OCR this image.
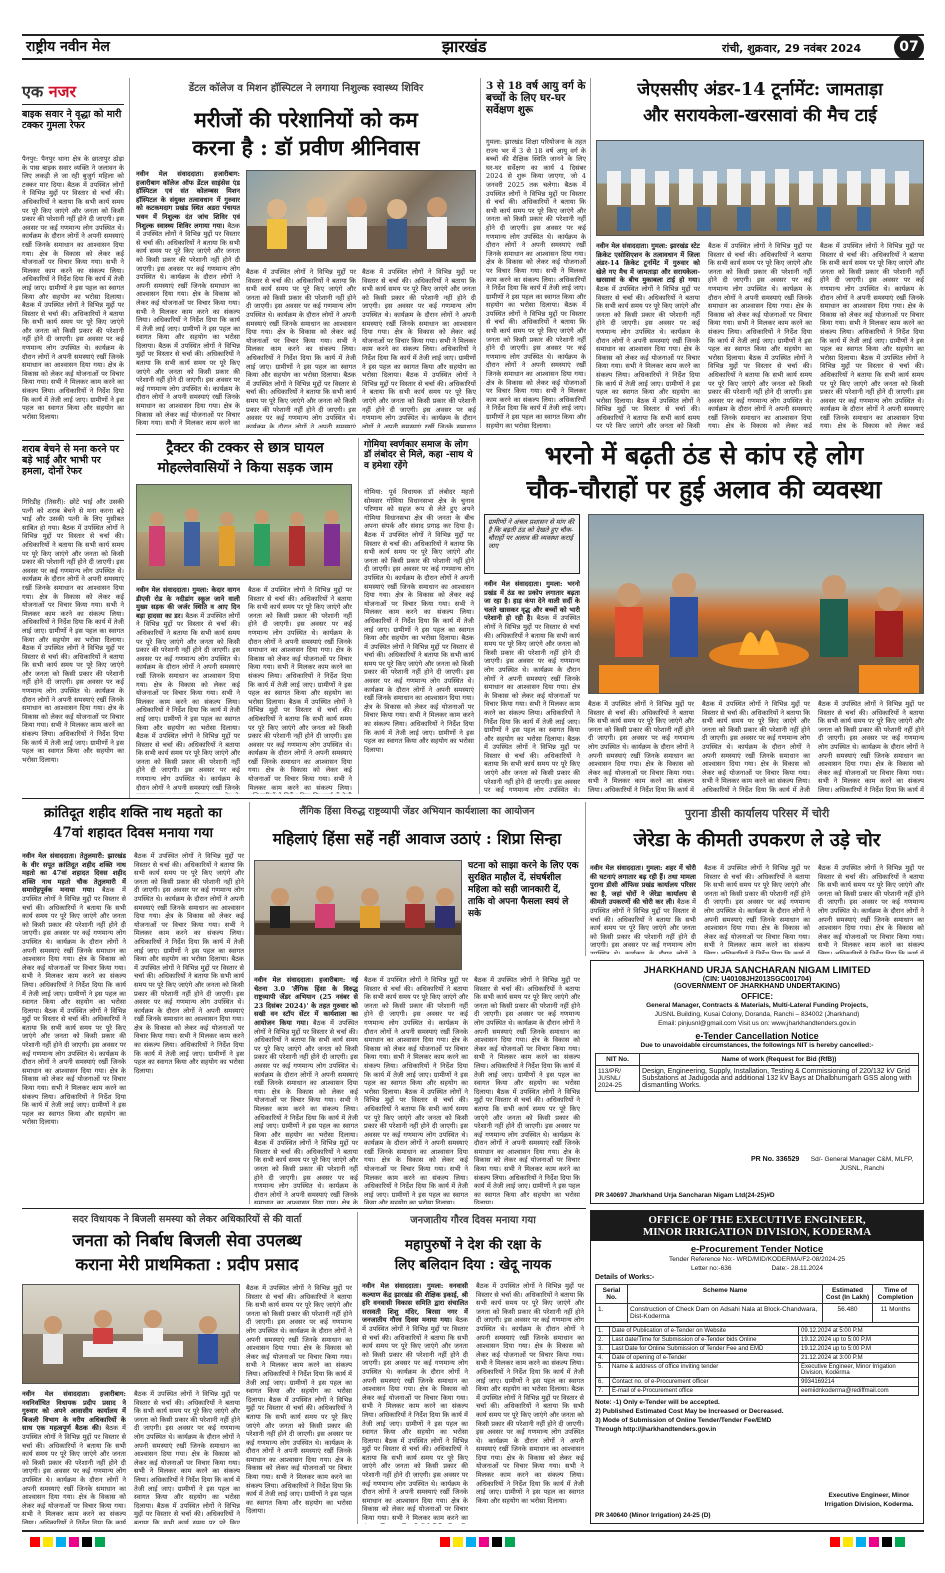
राष्ट्रीय नवीन मेल	झारखंड	रांची, शुक्रवार, 29 नवंबर 2024	07
एक नजर
बाइक सवार ने वृद्धा को मारी टक्कर गुमला रेफर
पैनपुर: पैनपुर थाना क्षेत्र के छातापुर ढोढ़ा के पास बाइक सवार व्यक्ति ने जलावन के लिए लकड़ी ले जा रही बुजुर्ग महिला को टक्कर मार दिया। बैठक में उपस्थित लोगों ने विभिन्न मुद्दों पर विस्तार से चर्चा की। अधिकारियों ने बताया कि सभी कार्य समय पर पूरे किए जाएंगे और जनता को किसी प्रकार की परेशानी नहीं होने दी जाएगी। इस अवसर पर कई गणमान्य लोग उपस्थित थे। कार्यक्रम के दौरान लोगों ने अपनी समस्याएं रखीं जिनके समाधान का आश्वासन दिया गया। क्षेत्र के विकास को लेकर कई योजनाओं पर विचार किया गया। सभी ने मिलकर काम करने का संकल्प लिया। अधिकारियों ने निर्देश दिया कि कार्य में तेजी लाई जाए। ग्रामीणों ने इस पहल का स्वागत किया और सहयोग का भरोसा दिलाया। बैठक में उपस्थित लोगों ने विभिन्न मुद्दों पर विस्तार से चर्चा की। अधिकारियों ने बताया कि सभी कार्य समय पर पूरे किए जाएंगे और जनता को किसी प्रकार की परेशानी नहीं होने दी जाएगी। इस अवसर पर कई गणमान्य लोग उपस्थित थे। कार्यक्रम के दौरान लोगों ने अपनी समस्याएं रखीं जिनके समाधान का आश्वासन दिया गया। क्षेत्र के विकास को लेकर कई योजनाओं पर विचार किया गया। सभी ने मिलकर काम करने का संकल्प लिया। अधिकारियों ने निर्देश दिया कि कार्य में तेजी लाई जाए। ग्रामीणों ने इस पहल का स्वागत किया और सहयोग का भरोसा दिलाया।
शराब बेचने से मना करने पर बड़े भाई और भाभी पर हमला, दोनों रेफर
गिरिडीह (तिसरी): छोटे भाई और उसकी पत्नी को शराब बेचने से मना करना बड़े भाई और उसकी पत्नी के लिए मुसीबत साबित हो गया। बैठक में उपस्थित लोगों ने विभिन्न मुद्दों पर विस्तार से चर्चा की। अधिकारियों ने बताया कि सभी कार्य समय पर पूरे किए जाएंगे और जनता को किसी प्रकार की परेशानी नहीं होने दी जाएगी। इस अवसर पर कई गणमान्य लोग उपस्थित थे। कार्यक्रम के दौरान लोगों ने अपनी समस्याएं रखीं जिनके समाधान का आश्वासन दिया गया। क्षेत्र के विकास को लेकर कई योजनाओं पर विचार किया गया। सभी ने मिलकर काम करने का संकल्प लिया। अधिकारियों ने निर्देश दिया कि कार्य में तेजी लाई जाए। ग्रामीणों ने इस पहल का स्वागत किया और सहयोग का भरोसा दिलाया। बैठक में उपस्थित लोगों ने विभिन्न मुद्दों पर विस्तार से चर्चा की। अधिकारियों ने बताया कि सभी कार्य समय पर पूरे किए जाएंगे और जनता को किसी प्रकार की परेशानी नहीं होने दी जाएगी। इस अवसर पर कई गणमान्य लोग उपस्थित थे। कार्यक्रम के दौरान लोगों ने अपनी समस्याएं रखीं जिनके समाधान का आश्वासन दिया गया। क्षेत्र के विकास को लेकर कई योजनाओं पर विचार किया गया। सभी ने मिलकर काम करने का संकल्प लिया। अधिकारियों ने निर्देश दिया कि कार्य में तेजी लाई जाए। ग्रामीणों ने इस पहल का स्वागत किया और सहयोग का भरोसा दिलाया।
डेंटल कॉलेज व मिशन हॉस्पिटल ने लगाया निशुल्क स्वास्थ्य शिविर
मरीजों की परेशानियों को कम
करना है : डॉ प्रवीण श्रीनिवास
नवीन मेल संवाददाता। हजारीबाग: हजारीबाग कॉलेज ऑफ डेंटल साइंसेस एंड हॉस्पिटल एवं संत कोलम्बस मिशन हॉस्पिटल के संयुक्त तत्वावधान में गुरुवार को कटकमदाग प्रखंड स्थित अडरा पंचायत भवन में निशुल्क दंत जांच शिविर एवं निशुल्क स्वास्थ्य शिविर लगाया गया। बैठक में उपस्थित लोगों ने विभिन्न मुद्दों पर विस्तार से चर्चा की। अधिकारियों ने बताया कि सभी कार्य समय पर पूरे किए जाएंगे और जनता को किसी प्रकार की परेशानी नहीं होने दी जाएगी। इस अवसर पर कई गणमान्य लोग उपस्थित थे। कार्यक्रम के दौरान लोगों ने अपनी समस्याएं रखीं जिनके समाधान का आश्वासन दिया गया। क्षेत्र के विकास को लेकर कई योजनाओं पर विचार किया गया। सभी ने मिलकर काम करने का संकल्प लिया। अधिकारियों ने निर्देश दिया कि कार्य में तेजी लाई जाए। ग्रामीणों ने इस पहल का स्वागत किया और सहयोग का भरोसा दिलाया। बैठक में उपस्थित लोगों ने विभिन्न मुद्दों पर विस्तार से चर्चा की। अधिकारियों ने बताया कि सभी कार्य समय पर पूरे किए जाएंगे और जनता को किसी प्रकार की परेशानी नहीं होने दी जाएगी। इस अवसर पर कई गणमान्य लोग उपस्थित थे। कार्यक्रम के दौरान लोगों ने अपनी समस्याएं रखीं जिनके समाधान का आश्वासन दिया गया। क्षेत्र के विकास को लेकर कई योजनाओं पर विचार किया गया। सभी ने मिलकर काम करने का संकल्प लिया। अधिकारियों ने निर्देश दिया कि कार्य में तेजी लाई जाए। ग्रामीणों ने इस पहल का स्वागत किया और सहयोग का भरोसा दिलाया।
बैठक में उपस्थित लोगों ने विभिन्न मुद्दों पर विस्तार से चर्चा की। अधिकारियों ने बताया कि सभी कार्य समय पर पूरे किए जाएंगे और जनता को किसी प्रकार की परेशानी नहीं होने दी जाएगी। इस अवसर पर कई गणमान्य लोग उपस्थित थे। कार्यक्रम के दौरान लोगों ने अपनी समस्याएं रखीं जिनके समाधान का आश्वासन दिया गया। क्षेत्र के विकास को लेकर कई योजनाओं पर विचार किया गया। सभी ने मिलकर काम करने का संकल्प लिया। अधिकारियों ने निर्देश दिया कि कार्य में तेजी लाई जाए। ग्रामीणों ने इस पहल का स्वागत किया और सहयोग का भरोसा दिलाया। बैठक में उपस्थित लोगों ने विभिन्न मुद्दों पर विस्तार से चर्चा की। अधिकारियों ने बताया कि सभी कार्य समय पर पूरे किए जाएंगे और जनता को किसी प्रकार की परेशानी नहीं होने दी जाएगी। इस अवसर पर कई गणमान्य लोग उपस्थित थे। कार्यक्रम के दौरान लोगों ने अपनी समस्याएं रखीं जिनके समाधान का आश्वासन दिया गया। क्षेत्र के विकास को लेकर कई योजनाओं पर विचार किया गया। सभी ने मिलकर काम करने का संकल्प लिया। अधिकारियों ने निर्देश दिया कि कार्य में तेजी लाई जाए। ग्रामीणों ने इस पहल का स्वागत किया और सहयोग का भरोसा दिलाया।
बैठक में उपस्थित लोगों ने विभिन्न मुद्दों पर विस्तार से चर्चा की। अधिकारियों ने बताया कि सभी कार्य समय पर पूरे किए जाएंगे और जनता को किसी प्रकार की परेशानी नहीं होने दी जाएगी। इस अवसर पर कई गणमान्य लोग उपस्थित थे। कार्यक्रम के दौरान लोगों ने अपनी समस्याएं रखीं जिनके समाधान का आश्वासन दिया गया। क्षेत्र के विकास को लेकर कई योजनाओं पर विचार किया गया। सभी ने मिलकर काम करने का संकल्प लिया। अधिकारियों ने निर्देश दिया कि कार्य में तेजी लाई जाए। ग्रामीणों ने इस पहल का स्वागत किया और सहयोग का भरोसा दिलाया। बैठक में उपस्थित लोगों ने विभिन्न मुद्दों पर विस्तार से चर्चा की। अधिकारियों ने बताया कि सभी कार्य समय पर पूरे किए जाएंगे और जनता को किसी प्रकार की परेशानी नहीं होने दी जाएगी। इस अवसर पर कई गणमान्य लोग उपस्थित थे। कार्यक्रम के दौरान लोगों ने अपनी समस्याएं रखीं जिनके समाधान का आश्वासन दिया गया। क्षेत्र के विकास को लेकर कई योजनाओं पर विचार किया गया। सभी ने मिलकर काम करने का संकल्प लिया। अधिकारियों ने निर्देश दिया कि कार्य में तेजी लाई जाए। ग्रामीणों ने इस पहल का स्वागत किया और सहयोग का भरोसा दिलाया।
3 से 18 वर्ष आयु वर्ग के बच्चों के लिए घर-घर सर्वेक्षण शुरू
गुमला: झारखंड शिक्षा परियोजना के तहत राज्य भर में 3 से 18 वर्ष आयु वर्ग के बच्चों की शैक्षिक स्थिति जानने के लिए घर-घर सर्वेक्षण का कार्य 4 दिसंबर 2024 से शुरू किया जाएगा, जो 4 जनवरी 2025 तक चलेगा। बैठक में उपस्थित लोगों ने विभिन्न मुद्दों पर विस्तार से चर्चा की। अधिकारियों ने बताया कि सभी कार्य समय पर पूरे किए जाएंगे और जनता को किसी प्रकार की परेशानी नहीं होने दी जाएगी। इस अवसर पर कई गणमान्य लोग उपस्थित थे। कार्यक्रम के दौरान लोगों ने अपनी समस्याएं रखीं जिनके समाधान का आश्वासन दिया गया। क्षेत्र के विकास को लेकर कई योजनाओं पर विचार किया गया। सभी ने मिलकर काम करने का संकल्प लिया। अधिकारियों ने निर्देश दिया कि कार्य में तेजी लाई जाए। ग्रामीणों ने इस पहल का स्वागत किया और सहयोग का भरोसा दिलाया। बैठक में उपस्थित लोगों ने विभिन्न मुद्दों पर विस्तार से चर्चा की। अधिकारियों ने बताया कि सभी कार्य समय पर पूरे किए जाएंगे और जनता को किसी प्रकार की परेशानी नहीं होने दी जाएगी। इस अवसर पर कई गणमान्य लोग उपस्थित थे। कार्यक्रम के दौरान लोगों ने अपनी समस्याएं रखीं जिनके समाधान का आश्वासन दिया गया। क्षेत्र के विकास को लेकर कई योजनाओं पर विचार किया गया। सभी ने मिलकर काम करने का संकल्प लिया। अधिकारियों ने निर्देश दिया कि कार्य में तेजी लाई जाए। ग्रामीणों ने इस पहल का स्वागत किया और सहयोग का भरोसा दिलाया।
जेएससीए अंडर-14 टूर्नामेंट: जामताड़ा
और सरायकेला-खरसावां की मैच टाई
नवीन मेल संवाददाता। गुमला: झारखंड स्टेट क्रिकेट एसोसिएशन के तत्वावधान में जिला अंडर-14 क्रिकेट टूर्नामेंट में गुरुवार को खेले गए मैच में जामताड़ा और सरायकेला-खरसावां के बीच मुकाबला टाई हो गया। बैठक में उपस्थित लोगों ने विभिन्न मुद्दों पर विस्तार से चर्चा की। अधिकारियों ने बताया कि सभी कार्य समय पर पूरे किए जाएंगे और जनता को किसी प्रकार की परेशानी नहीं होने दी जाएगी। इस अवसर पर कई गणमान्य लोग उपस्थित थे। कार्यक्रम के दौरान लोगों ने अपनी समस्याएं रखीं जिनके समाधान का आश्वासन दिया गया। क्षेत्र के विकास को लेकर कई योजनाओं पर विचार किया गया। सभी ने मिलकर काम करने का संकल्प लिया। अधिकारियों ने निर्देश दिया कि कार्य में तेजी लाई जाए। ग्रामीणों ने इस पहल का स्वागत किया और सहयोग का भरोसा दिलाया। बैठक में उपस्थित लोगों ने विभिन्न मुद्दों पर विस्तार से चर्चा की। अधिकारियों ने बताया कि सभी कार्य समय पर पूरे किए जाएंगे और जनता को किसी प्रकार की परेशानी नहीं होने दी जाएगी। इस अवसर पर कई गणमान्य लोग उपस्थित थे। कार्यक्रम के दौरान लोगों ने अपनी समस्याएं रखीं जिनके समाधान का आश्वासन दिया गया। क्षेत्र के विकास को लेकर कई योजनाओं पर विचार किया गया। सभी ने मिलकर काम करने का संकल्प लिया। अधिकारियों ने निर्देश दिया कि कार्य में तेजी लाई जाए। ग्रामीणों ने इस पहल का स्वागत किया और सहयोग का भरोसा दिलाया।
बैठक में उपस्थित लोगों ने विभिन्न मुद्दों पर विस्तार से चर्चा की। अधिकारियों ने बताया कि सभी कार्य समय पर पूरे किए जाएंगे और जनता को किसी प्रकार की परेशानी नहीं होने दी जाएगी। इस अवसर पर कई गणमान्य लोग उपस्थित थे। कार्यक्रम के दौरान लोगों ने अपनी समस्याएं रखीं जिनके समाधान का आश्वासन दिया गया। क्षेत्र के विकास को लेकर कई योजनाओं पर विचार किया गया। सभी ने मिलकर काम करने का संकल्प लिया। अधिकारियों ने निर्देश दिया कि कार्य में तेजी लाई जाए। ग्रामीणों ने इस पहल का स्वागत किया और सहयोग का भरोसा दिलाया। बैठक में उपस्थित लोगों ने विभिन्न मुद्दों पर विस्तार से चर्चा की। अधिकारियों ने बताया कि सभी कार्य समय पर पूरे किए जाएंगे और जनता को किसी प्रकार की परेशानी नहीं होने दी जाएगी। इस अवसर पर कई गणमान्य लोग उपस्थित थे। कार्यक्रम के दौरान लोगों ने अपनी समस्याएं रखीं जिनके समाधान का आश्वासन दिया गया। क्षेत्र के विकास को लेकर कई योजनाओं पर विचार किया गया। सभी ने मिलकर काम करने का संकल्प लिया। अधिकारियों ने निर्देश दिया कि कार्य में तेजी लाई जाए। ग्रामीणों ने इस पहल का स्वागत किया और सहयोग का भरोसा दिलाया।
बैठक में उपस्थित लोगों ने विभिन्न मुद्दों पर विस्तार से चर्चा की। अधिकारियों ने बताया कि सभी कार्य समय पर पूरे किए जाएंगे और जनता को किसी प्रकार की परेशानी नहीं होने दी जाएगी। इस अवसर पर कई गणमान्य लोग उपस्थित थे। कार्यक्रम के दौरान लोगों ने अपनी समस्याएं रखीं जिनके समाधान का आश्वासन दिया गया। क्षेत्र के विकास को लेकर कई योजनाओं पर विचार किया गया। सभी ने मिलकर काम करने का संकल्प लिया। अधिकारियों ने निर्देश दिया कि कार्य में तेजी लाई जाए। ग्रामीणों ने इस पहल का स्वागत किया और सहयोग का भरोसा दिलाया। बैठक में उपस्थित लोगों ने विभिन्न मुद्दों पर विस्तार से चर्चा की। अधिकारियों ने बताया कि सभी कार्य समय पर पूरे किए जाएंगे और जनता को किसी प्रकार की परेशानी नहीं होने दी जाएगी। इस अवसर पर कई गणमान्य लोग उपस्थित थे। कार्यक्रम के दौरान लोगों ने अपनी समस्याएं रखीं जिनके समाधान का आश्वासन दिया गया। क्षेत्र के विकास को लेकर कई योजनाओं पर विचार किया गया। सभी ने मिलकर काम करने का संकल्प लिया। अधिकारियों ने निर्देश दिया कि कार्य में तेजी लाई जाए। ग्रामीणों ने इस पहल का स्वागत किया और सहयोग का भरोसा दिलाया।
ट्रैक्टर की टक्कर से छात्र घायल
मोहल्लेवासियों ने किया सड़क जाम
नवीन मेल संवाददाता। गुमला: केदार वागन डीएवी रोड के नदीडांग स्कूल जाने वाली मुख्य सड़क की जर्जर स्थिति व आए दिन बड़ा हादसा का डर। बैठक में उपस्थित लोगों ने विभिन्न मुद्दों पर विस्तार से चर्चा की। अधिकारियों ने बताया कि सभी कार्य समय पर पूरे किए जाएंगे और जनता को किसी प्रकार की परेशानी नहीं होने दी जाएगी। इस अवसर पर कई गणमान्य लोग उपस्थित थे। कार्यक्रम के दौरान लोगों ने अपनी समस्याएं रखीं जिनके समाधान का आश्वासन दिया गया। क्षेत्र के विकास को लेकर कई योजनाओं पर विचार किया गया। सभी ने मिलकर काम करने का संकल्प लिया। अधिकारियों ने निर्देश दिया कि कार्य में तेजी लाई जाए। ग्रामीणों ने इस पहल का स्वागत किया और सहयोग का भरोसा दिलाया। बैठक में उपस्थित लोगों ने विभिन्न मुद्दों पर विस्तार से चर्चा की। अधिकारियों ने बताया कि सभी कार्य समय पर पूरे किए जाएंगे और जनता को किसी प्रकार की परेशानी नहीं होने दी जाएगी। इस अवसर पर कई गणमान्य लोग उपस्थित थे। कार्यक्रम के दौरान लोगों ने अपनी समस्याएं रखीं जिनके समाधान का आश्वासन दिया गया। क्षेत्र के विकास को लेकर कई योजनाओं पर विचार किया गया। सभी ने मिलकर काम करने का संकल्प लिया। अधिकारियों ने निर्देश दिया कि कार्य में तेजी लाई जाए। ग्रामीणों ने इस पहल का स्वागत किया और सहयोग का भरोसा दिलाया।
बैठक में उपस्थित लोगों ने विभिन्न मुद्दों पर विस्तार से चर्चा की। अधिकारियों ने बताया कि सभी कार्य समय पर पूरे किए जाएंगे और जनता को किसी प्रकार की परेशानी नहीं होने दी जाएगी। इस अवसर पर कई गणमान्य लोग उपस्थित थे। कार्यक्रम के दौरान लोगों ने अपनी समस्याएं रखीं जिनके समाधान का आश्वासन दिया गया। क्षेत्र के विकास को लेकर कई योजनाओं पर विचार किया गया। सभी ने मिलकर काम करने का संकल्प लिया। अधिकारियों ने निर्देश दिया कि कार्य में तेजी लाई जाए। ग्रामीणों ने इस पहल का स्वागत किया और सहयोग का भरोसा दिलाया। बैठक में उपस्थित लोगों ने विभिन्न मुद्दों पर विस्तार से चर्चा की। अधिकारियों ने बताया कि सभी कार्य समय पर पूरे किए जाएंगे और जनता को किसी प्रकार की परेशानी नहीं होने दी जाएगी। इस अवसर पर कई गणमान्य लोग उपस्थित थे। कार्यक्रम के दौरान लोगों ने अपनी समस्याएं रखीं जिनके समाधान का आश्वासन दिया गया। क्षेत्र के विकास को लेकर कई योजनाओं पर विचार किया गया। सभी ने मिलकर काम करने का संकल्प लिया। अधिकारियों ने निर्देश दिया कि कार्य में तेजी लाई जाए। ग्रामीणों ने इस पहल का स्वागत किया और सहयोग का भरोसा दिलाया।
गोमिया स्वर्णकार समाज के लोग डॉ लंबोदर से मिले, कहा -साथ थे व हमेशा रहेंगे
गोमिया: पूर्व विधायक डॉ लंबोदर महतो सोमवार गोमिया विधानसभा क्षेत्र के चुनाव परिणाम को सहज रूप से लेते हुए अपने गोमिया विधानसभा क्षेत्र की जनता के बीच अपना संपर्क और संवाद प्रगाढ़ कर दिया है। बैठक में उपस्थित लोगों ने विभिन्न मुद्दों पर विस्तार से चर्चा की। अधिकारियों ने बताया कि सभी कार्य समय पर पूरे किए जाएंगे और जनता को किसी प्रकार की परेशानी नहीं होने दी जाएगी। इस अवसर पर कई गणमान्य लोग उपस्थित थे। कार्यक्रम के दौरान लोगों ने अपनी समस्याएं रखीं जिनके समाधान का आश्वासन दिया गया। क्षेत्र के विकास को लेकर कई योजनाओं पर विचार किया गया। सभी ने मिलकर काम करने का संकल्प लिया। अधिकारियों ने निर्देश दिया कि कार्य में तेजी लाई जाए। ग्रामीणों ने इस पहल का स्वागत किया और सहयोग का भरोसा दिलाया। बैठक में उपस्थित लोगों ने विभिन्न मुद्दों पर विस्तार से चर्चा की। अधिकारियों ने बताया कि सभी कार्य समय पर पूरे किए जाएंगे और जनता को किसी प्रकार की परेशानी नहीं होने दी जाएगी। इस अवसर पर कई गणमान्य लोग उपस्थित थे। कार्यक्रम के दौरान लोगों ने अपनी समस्याएं रखीं जिनके समाधान का आश्वासन दिया गया। क्षेत्र के विकास को लेकर कई योजनाओं पर विचार किया गया। सभी ने मिलकर काम करने का संकल्प लिया। अधिकारियों ने निर्देश दिया कि कार्य में तेजी लाई जाए। ग्रामीणों ने इस पहल का स्वागत किया और सहयोग का भरोसा दिलाया।
भरनो में बढ़ती ठंड से कांप रहे लोग
चौक-चौराहों पर हुई अलाव की व्यवस्था
ग्रामीणों ने अंचल प्रशासन से मांग की है कि बढ़ती ठंड को देखते हुए चौक-चौराहों पर अलाव की व्यवस्था कराई जाए
नवीन मेल संवाददाता। गुमला: भरनो प्रखंड में ठंड का प्रकोप लगातार बढ़ता जा रहा है। हाड़ कंपा देने वाली सर्दी के चलते खासकर वृद्ध और बच्चों को भारी परेशानी हो रही है। बैठक में उपस्थित लोगों ने विभिन्न मुद्दों पर विस्तार से चर्चा की। अधिकारियों ने बताया कि सभी कार्य समय पर पूरे किए जाएंगे और जनता को किसी प्रकार की परेशानी नहीं होने दी जाएगी। इस अवसर पर कई गणमान्य लोग उपस्थित थे। कार्यक्रम के दौरान लोगों ने अपनी समस्याएं रखीं जिनके समाधान का आश्वासन दिया गया। क्षेत्र के विकास को लेकर कई योजनाओं पर विचार किया गया। सभी ने मिलकर काम करने का संकल्प लिया। अधिकारियों ने निर्देश दिया कि कार्य में तेजी लाई जाए। ग्रामीणों ने इस पहल का स्वागत किया और सहयोग का भरोसा दिलाया। बैठक में उपस्थित लोगों ने विभिन्न मुद्दों पर विस्तार से चर्चा की। अधिकारियों ने बताया कि सभी कार्य समय पर पूरे किए जाएंगे और जनता को किसी प्रकार की परेशानी नहीं होने दी जाएगी। इस अवसर पर कई गणमान्य लोग उपस्थित थे। कार्यक्रम के दौरान लोगों ने अपनी समस्याएं रखीं जिनके समाधान का आश्वासन दिया गया। क्षेत्र के विकास को लेकर कई योजनाओं पर विचार किया गया। सभी ने मिलकर काम करने का संकल्प लिया। अधिकारियों ने निर्देश दिया कि कार्य में तेजी लाई जाए। ग्रामीणों ने इस पहल का स्वागत किया और सहयोग का भरोसा दिलाया।
बैठक में उपस्थित लोगों ने विभिन्न मुद्दों पर विस्तार से चर्चा की। अधिकारियों ने बताया कि सभी कार्य समय पर पूरे किए जाएंगे और जनता को किसी प्रकार की परेशानी नहीं होने दी जाएगी। इस अवसर पर कई गणमान्य लोग उपस्थित थे। कार्यक्रम के दौरान लोगों ने अपनी समस्याएं रखीं जिनके समाधान का आश्वासन दिया गया। क्षेत्र के विकास को लेकर कई योजनाओं पर विचार किया गया। सभी ने मिलकर काम करने का संकल्प लिया। अधिकारियों ने निर्देश दिया कि कार्य में तेजी लाई जाए। ग्रामीणों ने इस पहल का स्वागत किया और सहयोग का भरोसा दिलाया। बैठक में उपस्थित लोगों ने विभिन्न मुद्दों पर विस्तार से चर्चा की। अधिकारियों ने बताया कि सभी कार्य समय पर पूरे किए जाएंगे और जनता को किसी प्रकार की परेशानी नहीं होने दी जाएगी। इस अवसर पर कई गणमान्य लोग उपस्थित थे। कार्यक्रम के दौरान लोगों ने अपनी समस्याएं रखीं जिनके समाधान का आश्वासन दिया गया। क्षेत्र के विकास को लेकर कई योजनाओं पर विचार किया गया। सभी ने मिलकर काम करने का संकल्प लिया। अधिकारियों ने निर्देश दिया कि कार्य में तेजी लाई जाए। ग्रामीणों ने इस पहल का स्वागत किया और सहयोग का भरोसा दिलाया।
बैठक में उपस्थित लोगों ने विभिन्न मुद्दों पर विस्तार से चर्चा की। अधिकारियों ने बताया कि सभी कार्य समय पर पूरे किए जाएंगे और जनता को किसी प्रकार की परेशानी नहीं होने दी जाएगी। इस अवसर पर कई गणमान्य लोग उपस्थित थे। कार्यक्रम के दौरान लोगों ने अपनी समस्याएं रखीं जिनके समाधान का आश्वासन दिया गया। क्षेत्र के विकास को लेकर कई योजनाओं पर विचार किया गया। सभी ने मिलकर काम करने का संकल्प लिया। अधिकारियों ने निर्देश दिया कि कार्य में तेजी लाई जाए। ग्रामीणों ने इस पहल का स्वागत किया और सहयोग का भरोसा दिलाया। बैठक में उपस्थित लोगों ने विभिन्न मुद्दों पर विस्तार से चर्चा की। अधिकारियों ने बताया कि सभी कार्य समय पर पूरे किए जाएंगे और जनता को किसी प्रकार की परेशानी नहीं होने दी जाएगी। इस अवसर पर कई गणमान्य लोग उपस्थित थे। कार्यक्रम के दौरान लोगों ने अपनी समस्याएं रखीं जिनके समाधान का आश्वासन दिया गया। क्षेत्र के विकास को लेकर कई योजनाओं पर विचार किया गया। सभी ने मिलकर काम करने का संकल्प लिया। अधिकारियों ने निर्देश दिया कि कार्य में तेजी लाई जाए। ग्रामीणों ने इस पहल का स्वागत किया और सहयोग का भरोसा दिलाया।
बैठक में उपस्थित लोगों ने विभिन्न मुद्दों पर विस्तार से चर्चा की। अधिकारियों ने बताया कि सभी कार्य समय पर पूरे किए जाएंगे और जनता को किसी प्रकार की परेशानी नहीं होने दी जाएगी। इस अवसर पर कई गणमान्य लोग उपस्थित थे। कार्यक्रम के दौरान लोगों ने अपनी समस्याएं रखीं जिनके समाधान का आश्वासन दिया गया। क्षेत्र के विकास को लेकर कई योजनाओं पर विचार किया गया। सभी ने मिलकर काम करने का संकल्प लिया। अधिकारियों ने निर्देश दिया कि कार्य में तेजी लाई जाए। ग्रामीणों ने इस पहल का स्वागत किया और सहयोग का भरोसा दिलाया। बैठक में उपस्थित लोगों ने विभिन्न मुद्दों पर विस्तार से चर्चा की। अधिकारियों ने बताया कि सभी कार्य समय पर पूरे किए जाएंगे और जनता को किसी प्रकार की परेशानी नहीं होने दी जाएगी। इस अवसर पर कई गणमान्य लोग उपस्थित थे। कार्यक्रम के दौरान लोगों ने अपनी समस्याएं रखीं जिनके समाधान का आश्वासन दिया गया। क्षेत्र के विकास को लेकर कई योजनाओं पर विचार किया गया। सभी ने मिलकर काम करने का संकल्प लिया। अधिकारियों ने निर्देश दिया कि कार्य में तेजी लाई जाए। ग्रामीणों ने इस पहल का स्वागत किया और सहयोग का भरोसा दिलाया।
क्रांतिदूत शहीद शक्ति नाथ महतो का
47वां शहादत दिवस मनाया गया
नवीन मेल संवाददाता। तेतुलमारी: झारखंड के वीर सपूत क्रांतिदूत शहीद शक्ति नाथ महतो का 47वां शहादत दिवस शहीद शक्ति नाथ महतो चौक तेतुलमारी में समारोहपूर्वक मनाया गया। बैठक में उपस्थित लोगों ने विभिन्न मुद्दों पर विस्तार से चर्चा की। अधिकारियों ने बताया कि सभी कार्य समय पर पूरे किए जाएंगे और जनता को किसी प्रकार की परेशानी नहीं होने दी जाएगी। इस अवसर पर कई गणमान्य लोग उपस्थित थे। कार्यक्रम के दौरान लोगों ने अपनी समस्याएं रखीं जिनके समाधान का आश्वासन दिया गया। क्षेत्र के विकास को लेकर कई योजनाओं पर विचार किया गया। सभी ने मिलकर काम करने का संकल्प लिया। अधिकारियों ने निर्देश दिया कि कार्य में तेजी लाई जाए। ग्रामीणों ने इस पहल का स्वागत किया और सहयोग का भरोसा दिलाया। बैठक में उपस्थित लोगों ने विभिन्न मुद्दों पर विस्तार से चर्चा की। अधिकारियों ने बताया कि सभी कार्य समय पर पूरे किए जाएंगे और जनता को किसी प्रकार की परेशानी नहीं होने दी जाएगी। इस अवसर पर कई गणमान्य लोग उपस्थित थे। कार्यक्रम के दौरान लोगों ने अपनी समस्याएं रखीं जिनके समाधान का आश्वासन दिया गया। क्षेत्र के विकास को लेकर कई योजनाओं पर विचार किया गया। सभी ने मिलकर काम करने का संकल्प लिया। अधिकारियों ने निर्देश दिया कि कार्य में तेजी लाई जाए। ग्रामीणों ने इस पहल का स्वागत किया और सहयोग का भरोसा दिलाया।
बैठक में उपस्थित लोगों ने विभिन्न मुद्दों पर विस्तार से चर्चा की। अधिकारियों ने बताया कि सभी कार्य समय पर पूरे किए जाएंगे और जनता को किसी प्रकार की परेशानी नहीं होने दी जाएगी। इस अवसर पर कई गणमान्य लोग उपस्थित थे। कार्यक्रम के दौरान लोगों ने अपनी समस्याएं रखीं जिनके समाधान का आश्वासन दिया गया। क्षेत्र के विकास को लेकर कई योजनाओं पर विचार किया गया। सभी ने मिलकर काम करने का संकल्प लिया। अधिकारियों ने निर्देश दिया कि कार्य में तेजी लाई जाए। ग्रामीणों ने इस पहल का स्वागत किया और सहयोग का भरोसा दिलाया। बैठक में उपस्थित लोगों ने विभिन्न मुद्दों पर विस्तार से चर्चा की। अधिकारियों ने बताया कि सभी कार्य समय पर पूरे किए जाएंगे और जनता को किसी प्रकार की परेशानी नहीं होने दी जाएगी। इस अवसर पर कई गणमान्य लोग उपस्थित थे। कार्यक्रम के दौरान लोगों ने अपनी समस्याएं रखीं जिनके समाधान का आश्वासन दिया गया। क्षेत्र के विकास को लेकर कई योजनाओं पर विचार किया गया। सभी ने मिलकर काम करने का संकल्प लिया। अधिकारियों ने निर्देश दिया कि कार्य में तेजी लाई जाए। ग्रामीणों ने इस पहल का स्वागत किया और सहयोग का भरोसा दिलाया।
लैंगिक हिंसा विरुद्ध राष्ट्रव्यापी जेंडर अभियान कार्यशाला का आयोजन
महिलाएं हिंसा सहें नहीं आवाज उठाएं : शिप्रा सिन्हा
घटना को साझा करने के लिए एक सुरक्षित माहौल दें, संघर्षशील महिला को सही जानकारी दें, ताकि वो अपना फैसला स्वयं ले सके
नवीन मेल संवाददाता। हजारीबाग: नई चेतना 3.0 'लैंगिक हिंसा के विरुद्ध राष्ट्रव्यापी जेंडर अभियान (25 नवंबर से 23 दिसंबर 2024)' के तहत गुरुवार को सखी वन स्टॉप सेंटर में कार्यशाला का आयोजन किया गया। बैठक में उपस्थित लोगों ने विभिन्न मुद्दों पर विस्तार से चर्चा की। अधिकारियों ने बताया कि सभी कार्य समय पर पूरे किए जाएंगे और जनता को किसी प्रकार की परेशानी नहीं होने दी जाएगी। इस अवसर पर कई गणमान्य लोग उपस्थित थे। कार्यक्रम के दौरान लोगों ने अपनी समस्याएं रखीं जिनके समाधान का आश्वासन दिया गया। क्षेत्र के विकास को लेकर कई योजनाओं पर विचार किया गया। सभी ने मिलकर काम करने का संकल्प लिया। अधिकारियों ने निर्देश दिया कि कार्य में तेजी लाई जाए। ग्रामीणों ने इस पहल का स्वागत किया और सहयोग का भरोसा दिलाया। बैठक में उपस्थित लोगों ने विभिन्न मुद्दों पर विस्तार से चर्चा की। अधिकारियों ने बताया कि सभी कार्य समय पर पूरे किए जाएंगे और जनता को किसी प्रकार की परेशानी नहीं होने दी जाएगी। इस अवसर पर कई गणमान्य लोग उपस्थित थे। कार्यक्रम के दौरान लोगों ने अपनी समस्याएं रखीं जिनके समाधान का आश्वासन दिया गया। क्षेत्र के विकास को लेकर कई योजनाओं पर विचार किया गया। सभी ने मिलकर काम करने का संकल्प लिया। अधिकारियों ने निर्देश दिया कि कार्य में तेजी लाई जाए। ग्रामीणों ने इस पहल का स्वागत किया और सहयोग का भरोसा दिलाया।
बैठक में उपस्थित लोगों ने विभिन्न मुद्दों पर विस्तार से चर्चा की। अधिकारियों ने बताया कि सभी कार्य समय पर पूरे किए जाएंगे और जनता को किसी प्रकार की परेशानी नहीं होने दी जाएगी। इस अवसर पर कई गणमान्य लोग उपस्थित थे। कार्यक्रम के दौरान लोगों ने अपनी समस्याएं रखीं जिनके समाधान का आश्वासन दिया गया। क्षेत्र के विकास को लेकर कई योजनाओं पर विचार किया गया। सभी ने मिलकर काम करने का संकल्प लिया। अधिकारियों ने निर्देश दिया कि कार्य में तेजी लाई जाए। ग्रामीणों ने इस पहल का स्वागत किया और सहयोग का भरोसा दिलाया। बैठक में उपस्थित लोगों ने विभिन्न मुद्दों पर विस्तार से चर्चा की। अधिकारियों ने बताया कि सभी कार्य समय पर पूरे किए जाएंगे और जनता को किसी प्रकार की परेशानी नहीं होने दी जाएगी। इस अवसर पर कई गणमान्य लोग उपस्थित थे। कार्यक्रम के दौरान लोगों ने अपनी समस्याएं रखीं जिनके समाधान का आश्वासन दिया गया। क्षेत्र के विकास को लेकर कई योजनाओं पर विचार किया गया। सभी ने मिलकर काम करने का संकल्प लिया। अधिकारियों ने निर्देश दिया कि कार्य में तेजी लाई जाए। ग्रामीणों ने इस पहल का स्वागत किया और सहयोग का भरोसा दिलाया।
बैठक में उपस्थित लोगों ने विभिन्न मुद्दों पर विस्तार से चर्चा की। अधिकारियों ने बताया कि सभी कार्य समय पर पूरे किए जाएंगे और जनता को किसी प्रकार की परेशानी नहीं होने दी जाएगी। इस अवसर पर कई गणमान्य लोग उपस्थित थे। कार्यक्रम के दौरान लोगों ने अपनी समस्याएं रखीं जिनके समाधान का आश्वासन दिया गया। क्षेत्र के विकास को लेकर कई योजनाओं पर विचार किया गया। सभी ने मिलकर काम करने का संकल्प लिया। अधिकारियों ने निर्देश दिया कि कार्य में तेजी लाई जाए। ग्रामीणों ने इस पहल का स्वागत किया और सहयोग का भरोसा दिलाया। बैठक में उपस्थित लोगों ने विभिन्न मुद्दों पर विस्तार से चर्चा की। अधिकारियों ने बताया कि सभी कार्य समय पर पूरे किए जाएंगे और जनता को किसी प्रकार की परेशानी नहीं होने दी जाएगी। इस अवसर पर कई गणमान्य लोग उपस्थित थे। कार्यक्रम के दौरान लोगों ने अपनी समस्याएं रखीं जिनके समाधान का आश्वासन दिया गया। क्षेत्र के विकास को लेकर कई योजनाओं पर विचार किया गया। सभी ने मिलकर काम करने का संकल्प लिया। अधिकारियों ने निर्देश दिया कि कार्य में तेजी लाई जाए। ग्रामीणों ने इस पहल का स्वागत किया और सहयोग का भरोसा दिलाया।
पुराना डीसी कार्यालय परिसर में चोरी
जेरेडा के कीमती उपकरण ले उड़े चोर
नवीन मेल संवाददाता। गुमला: शहर में चोरी की घटनाएं लगातार बढ़ रही हैं। तथा मामला पुराना डीसी ऑफिस प्रखंड कार्यालय परिसर का है, जहां चोरों ने जेरेडा कार्यालय से कीमती उपकरणों की चोरी कर ली। बैठक में उपस्थित लोगों ने विभिन्न मुद्दों पर विस्तार से चर्चा की। अधिकारियों ने बताया कि सभी कार्य समय पर पूरे किए जाएंगे और जनता को किसी प्रकार की परेशानी नहीं होने दी जाएगी। इस अवसर पर कई गणमान्य लोग उपस्थित थे। कार्यक्रम के दौरान लोगों ने अपनी समस्याएं रखीं जिनके समाधान का आश्वासन दिया गया। क्षेत्र के विकास को लेकर कई योजनाओं पर विचार किया गया। सभी ने मिलकर काम करने का संकल्प लिया। अधिकारियों ने निर्देश दिया कि कार्य में तेजी लाई जाए। ग्रामीणों ने इस पहल का स्वागत किया और सहयोग का भरोसा दिलाया। बैठक में उपस्थित लोगों ने विभिन्न मुद्दों पर विस्तार से चर्चा की। अधिकारियों ने बताया कि सभी कार्य समय पर पूरे किए जाएंगे और जनता को किसी प्रकार की परेशानी नहीं होने दी जाएगी। इस अवसर पर कई गणमान्य लोग उपस्थित थे। कार्यक्रम के दौरान लोगों ने अपनी समस्याएं रखीं जिनके समाधान का आश्वासन दिया गया। क्षेत्र के विकास को लेकर कई योजनाओं पर विचार किया गया। सभी ने मिलकर काम करने का संकल्प लिया। अधिकारियों ने निर्देश दिया कि कार्य में तेजी लाई जाए। ग्रामीणों ने इस पहल का स्वागत किया और सहयोग का भरोसा दिलाया।
बैठक में उपस्थित लोगों ने विभिन्न मुद्दों पर विस्तार से चर्चा की। अधिकारियों ने बताया कि सभी कार्य समय पर पूरे किए जाएंगे और जनता को किसी प्रकार की परेशानी नहीं होने दी जाएगी। इस अवसर पर कई गणमान्य लोग उपस्थित थे। कार्यक्रम के दौरान लोगों ने अपनी समस्याएं रखीं जिनके समाधान का आश्वासन दिया गया। क्षेत्र के विकास को लेकर कई योजनाओं पर विचार किया गया। सभी ने मिलकर काम करने का संकल्प लिया। अधिकारियों ने निर्देश दिया कि कार्य में तेजी लाई जाए। ग्रामीणों ने इस पहल का स्वागत किया और सहयोग का भरोसा दिलाया। बैठक में उपस्थित लोगों ने विभिन्न मुद्दों पर विस्तार से चर्चा की। अधिकारियों ने बताया कि सभी कार्य समय पर पूरे किए जाएंगे और जनता को किसी प्रकार की परेशानी नहीं होने दी जाएगी। इस अवसर पर कई गणमान्य लोग उपस्थित थे। कार्यक्रम के दौरान लोगों ने अपनी समस्याएं रखीं जिनके समाधान का आश्वासन दिया गया। क्षेत्र के विकास को लेकर कई योजनाओं पर विचार किया गया। सभी ने मिलकर काम करने का संकल्प लिया। अधिकारियों ने निर्देश दिया कि कार्य में तेजी लाई जाए। ग्रामीणों ने इस पहल का स्वागत किया और सहयोग का भरोसा दिलाया।
बैठक में उपस्थित लोगों ने विभिन्न मुद्दों पर विस्तार से चर्चा की। अधिकारियों ने बताया कि सभी कार्य समय पर पूरे किए जाएंगे और जनता को किसी प्रकार की परेशानी नहीं होने दी जाएगी। इस अवसर पर कई गणमान्य लोग उपस्थित थे। कार्यक्रम के दौरान लोगों ने अपनी समस्याएं रखीं जिनके समाधान का आश्वासन दिया गया। क्षेत्र के विकास को लेकर कई योजनाओं पर विचार किया गया। सभी ने मिलकर काम करने का संकल्प लिया। अधिकारियों ने निर्देश दिया कि कार्य में तेजी लाई जाए। ग्रामीणों ने इस पहल का स्वागत किया और सहयोग का भरोसा दिलाया। बैठक में उपस्थित लोगों ने विभिन्न मुद्दों पर विस्तार से चर्चा की। अधिकारियों ने बताया कि सभी कार्य समय पर पूरे किए जाएंगे और जनता को किसी प्रकार की परेशानी नहीं होने दी जाएगी। इस अवसर पर कई गणमान्य लोग उपस्थित थे। कार्यक्रम के दौरान लोगों ने अपनी समस्याएं रखीं जिनके समाधान का आश्वासन दिया गया। क्षेत्र के विकास को लेकर कई योजनाओं पर विचार किया गया। सभी ने मिलकर काम करने का संकल्प लिया। अधिकारियों ने निर्देश दिया कि कार्य में तेजी लाई जाए। ग्रामीणों ने इस पहल का स्वागत किया और सहयोग का भरोसा दिलाया।
JHARKHAND URJA SANCHARAN NIGAM LIMITED
(CIN: U40108JH2013SGC001704)
(GOVERNMENT OF JHARKHAND UNDERTAKING)
OFFICE:
General Manager, Contracts & Materials, Multi-Lateral Funding Projects,
JUSNL Building, Kusai Colony, Doranda, Ranchi – 834002 (Jharkhand)
Email: pinjusnl@gmail.com Visit us on: www.jharkhandtenders.gov.in
e-Tender Cancellation Notice
Due to unavoidable circumstances, the followings NIT is hereby cancelled:-
NIT No.	Name of work (Request for Bid (RfB))
113/PR/ JUSNL/ 2024-25	Design, Engineering, Supply, Installation, Testing & Commissioning of 220/132 kV Grid Substations at Jadugoda and additional 132 kV Bays at Dhalbhumgarh GSS along with dismantling Works.
PR No. 336529	Sd/- General Manager C&M, MLFP, JUSNL, Ranchi
PR 340697 Jharkhand Urja Sancharan Nigam Ltd(24-25)#D
सदर विधायक ने बिजली समस्या को लेकर अधिकारियों से की वार्ता
जनता को निर्बाध बिजली सेवा उपलब्ध
कराना मेरी प्राथमिकता : प्रदीप प्रसाद
नवीन मेल संवाददाता। हजारीबाग: नवनिर्वाचित विधायक प्रदीप प्रसाद ने गुरुवार को अपने आवासीय कार्यालय में बिजली विभाग के वरीय अधिकारियों के साथ एक महत्वपूर्ण बैठक की। बैठक में उपस्थित लोगों ने विभिन्न मुद्दों पर विस्तार से चर्चा की। अधिकारियों ने बताया कि सभी कार्य समय पर पूरे किए जाएंगे और जनता को किसी प्रकार की परेशानी नहीं होने दी जाएगी। इस अवसर पर कई गणमान्य लोग उपस्थित थे। कार्यक्रम के दौरान लोगों ने अपनी समस्याएं रखीं जिनके समाधान का आश्वासन दिया गया। क्षेत्र के विकास को लेकर कई योजनाओं पर विचार किया गया। सभी ने मिलकर काम करने का संकल्प लिया। अधिकारियों ने निर्देश दिया कि कार्य में तेजी लाई जाए। ग्रामीणों ने इस पहल का स्वागत किया और सहयोग का भरोसा दिलाया। बैठक में उपस्थित लोगों ने विभिन्न मुद्दों पर विस्तार से चर्चा की। अधिकारियों ने बताया कि सभी कार्य समय पर पूरे किए जाएंगे और जनता को किसी प्रकार की परेशानी नहीं होने दी जाएगी। इस अवसर पर कई गणमान्य लोग उपस्थित थे। कार्यक्रम के दौरान लोगों ने अपनी समस्याएं रखीं जिनके समाधान का आश्वासन दिया गया। क्षेत्र के विकास को लेकर कई योजनाओं पर विचार किया गया। सभी ने मिलकर काम करने का संकल्प लिया। अधिकारियों ने निर्देश दिया कि कार्य में तेजी लाई जाए। ग्रामीणों ने इस पहल का स्वागत किया और सहयोग का भरोसा दिलाया।
बैठक में उपस्थित लोगों ने विभिन्न मुद्दों पर विस्तार से चर्चा की। अधिकारियों ने बताया कि सभी कार्य समय पर पूरे किए जाएंगे और जनता को किसी प्रकार की परेशानी नहीं होने दी जाएगी। इस अवसर पर कई गणमान्य लोग उपस्थित थे। कार्यक्रम के दौरान लोगों ने अपनी समस्याएं रखीं जिनके समाधान का आश्वासन दिया गया। क्षेत्र के विकास को लेकर कई योजनाओं पर विचार किया गया। सभी ने मिलकर काम करने का संकल्प लिया। अधिकारियों ने निर्देश दिया कि कार्य में तेजी लाई जाए। ग्रामीणों ने इस पहल का स्वागत किया और सहयोग का भरोसा दिलाया। बैठक में उपस्थित लोगों ने विभिन्न मुद्दों पर विस्तार से चर्चा की। अधिकारियों ने बताया कि सभी कार्य समय पर पूरे किए जाएंगे और जनता को किसी प्रकार की परेशानी नहीं होने दी जाएगी। इस अवसर पर कई गणमान्य लोग उपस्थित थे। कार्यक्रम के दौरान लोगों ने अपनी समस्याएं रखीं जिनके समाधान का आश्वासन दिया गया। क्षेत्र के विकास को लेकर कई योजनाओं पर विचार किया गया। सभी ने मिलकर काम करने का संकल्प लिया। अधिकारियों ने निर्देश दिया कि कार्य में तेजी लाई जाए। ग्रामीणों ने इस पहल का स्वागत किया और सहयोग का भरोसा दिलाया।
बैठक में उपस्थित लोगों ने विभिन्न मुद्दों पर विस्तार से चर्चा की। अधिकारियों ने बताया कि सभी कार्य समय पर पूरे किए जाएंगे और जनता को किसी प्रकार की परेशानी नहीं होने दी जाएगी। इस अवसर पर कई गणमान्य लोग उपस्थित थे। कार्यक्रम के दौरान लोगों ने अपनी समस्याएं रखीं जिनके समाधान का आश्वासन दिया गया। क्षेत्र के विकास को लेकर कई योजनाओं पर विचार किया गया। सभी ने मिलकर काम करने का संकल्प लिया। अधिकारियों ने निर्देश दिया कि कार्य में तेजी लाई जाए। ग्रामीणों ने इस पहल का स्वागत किया और सहयोग का भरोसा दिलाया। बैठक में उपस्थित लोगों ने विभिन्न मुद्दों पर विस्तार से चर्चा की। अधिकारियों ने बताया कि सभी कार्य समय पर पूरे किए जाएंगे और जनता को किसी प्रकार की परेशानी नहीं होने दी जाएगी। इस अवसर पर कई गणमान्य लोग उपस्थित थे। कार्यक्रम के दौरान लोगों ने अपनी समस्याएं रखीं जिनके समाधान का आश्वासन दिया गया। क्षेत्र के विकास को लेकर कई योजनाओं पर विचार किया गया। सभी ने मिलकर काम करने का संकल्प लिया। अधिकारियों ने निर्देश दिया कि कार्य में तेजी लाई जाए। ग्रामीणों ने इस पहल का स्वागत किया और सहयोग का भरोसा दिलाया।
जनजातीय गौरव दिवस मनाया गया
महापुरुषों ने देश की रक्षा के
लिए बलिदान दिया : खेदू नायक
नवीन मेल संवाददाता। गुमला: वनवासी कल्याण केंद्र झारखंड की शैक्षिक इकाई, श्री हरि वनवासी विकास समिति द्वारा संचालित सरस्वती शिशु मंदिर, बिरसा नगर में जनजातीय गौरव दिवस मनाया गया। बैठक में उपस्थित लोगों ने विभिन्न मुद्दों पर विस्तार से चर्चा की। अधिकारियों ने बताया कि सभी कार्य समय पर पूरे किए जाएंगे और जनता को किसी प्रकार की परेशानी नहीं होने दी जाएगी। इस अवसर पर कई गणमान्य लोग उपस्थित थे। कार्यक्रम के दौरान लोगों ने अपनी समस्याएं रखीं जिनके समाधान का आश्वासन दिया गया। क्षेत्र के विकास को लेकर कई योजनाओं पर विचार किया गया। सभी ने मिलकर काम करने का संकल्प लिया। अधिकारियों ने निर्देश दिया कि कार्य में तेजी लाई जाए। ग्रामीणों ने इस पहल का स्वागत किया और सहयोग का भरोसा दिलाया। बैठक में उपस्थित लोगों ने विभिन्न मुद्दों पर विस्तार से चर्चा की। अधिकारियों ने बताया कि सभी कार्य समय पर पूरे किए जाएंगे और जनता को किसी प्रकार की परेशानी नहीं होने दी जाएगी। इस अवसर पर कई गणमान्य लोग उपस्थित थे। कार्यक्रम के दौरान लोगों ने अपनी समस्याएं रखीं जिनके समाधान का आश्वासन दिया गया। क्षेत्र के विकास को लेकर कई योजनाओं पर विचार किया गया। सभी ने मिलकर काम करने का संकल्प लिया। अधिकारियों ने निर्देश दिया कि कार्य में तेजी लाई जाए। ग्रामीणों ने इस पहल का स्वागत किया और सहयोग का भरोसा दिलाया।
बैठक में उपस्थित लोगों ने विभिन्न मुद्दों पर विस्तार से चर्चा की। अधिकारियों ने बताया कि सभी कार्य समय पर पूरे किए जाएंगे और जनता को किसी प्रकार की परेशानी नहीं होने दी जाएगी। इस अवसर पर कई गणमान्य लोग उपस्थित थे। कार्यक्रम के दौरान लोगों ने अपनी समस्याएं रखीं जिनके समाधान का आश्वासन दिया गया। क्षेत्र के विकास को लेकर कई योजनाओं पर विचार किया गया। सभी ने मिलकर काम करने का संकल्प लिया। अधिकारियों ने निर्देश दिया कि कार्य में तेजी लाई जाए। ग्रामीणों ने इस पहल का स्वागत किया और सहयोग का भरोसा दिलाया। बैठक में उपस्थित लोगों ने विभिन्न मुद्दों पर विस्तार से चर्चा की। अधिकारियों ने बताया कि सभी कार्य समय पर पूरे किए जाएंगे और जनता को किसी प्रकार की परेशानी नहीं होने दी जाएगी। इस अवसर पर कई गणमान्य लोग उपस्थित थे। कार्यक्रम के दौरान लोगों ने अपनी समस्याएं रखीं जिनके समाधान का आश्वासन दिया गया। क्षेत्र के विकास को लेकर कई योजनाओं पर विचार किया गया। सभी ने मिलकर काम करने का संकल्प लिया। अधिकारियों ने निर्देश दिया कि कार्य में तेजी लाई जाए। ग्रामीणों ने इस पहल का स्वागत किया और सहयोग का भरोसा दिलाया।
OFFICE OF THE EXECUTIVE ENGINEER,
MINOR IRRIGATION DIVISION, KODERMA
e-Procurement Tender Notice
Tender Reference No:- WRD/MID/KODERMA/F2-08/2024-25
Letter no:-636	Date:- 28.11.2024
Details of Works:-
Serial No.	Scheme Name	Estimated Cost (In Lakh)	Time of Completion
1.	Construction of Check Dam on Adsahi Nala at Block-Chandwara, Dist-Koderma	56.480	11 Months
1.	Date of Publication of e-Tender on Website	09.12.2024 at 5:00 P.M
2.	Last date/Time for Submission of e-Tender bids Online	19.12.2024 up to 5:00 P.M
3.	Last Date for Online Submission of Tender Fee and EMD	19.12.2024 up to 5:00 P.M
4.	Date of opening of e-Tender	21.12.2024 at 3:00 P.M
5.	Name & address of office inviting tender	Executive Engineer, Minor Irrigation Division, Koderma
6.	Contact no. of e-Procurement officer	9934169214
7.	E-mail of e-Procurement office	eemiidnkoderma@rediffmail.com
Note: -1) Only e-Tender will be accepted.
2) Published Estimated Cost May be Increased or Decreased.
3) Mode of Submission of Online Tender/Tender Fee/EMD Through http://jharkhandtenders.gov.in
Executive Engineer, Minor Irrigation Division, Koderma.
PR 340640 (Minor Irrigation) 24-25 (D)
